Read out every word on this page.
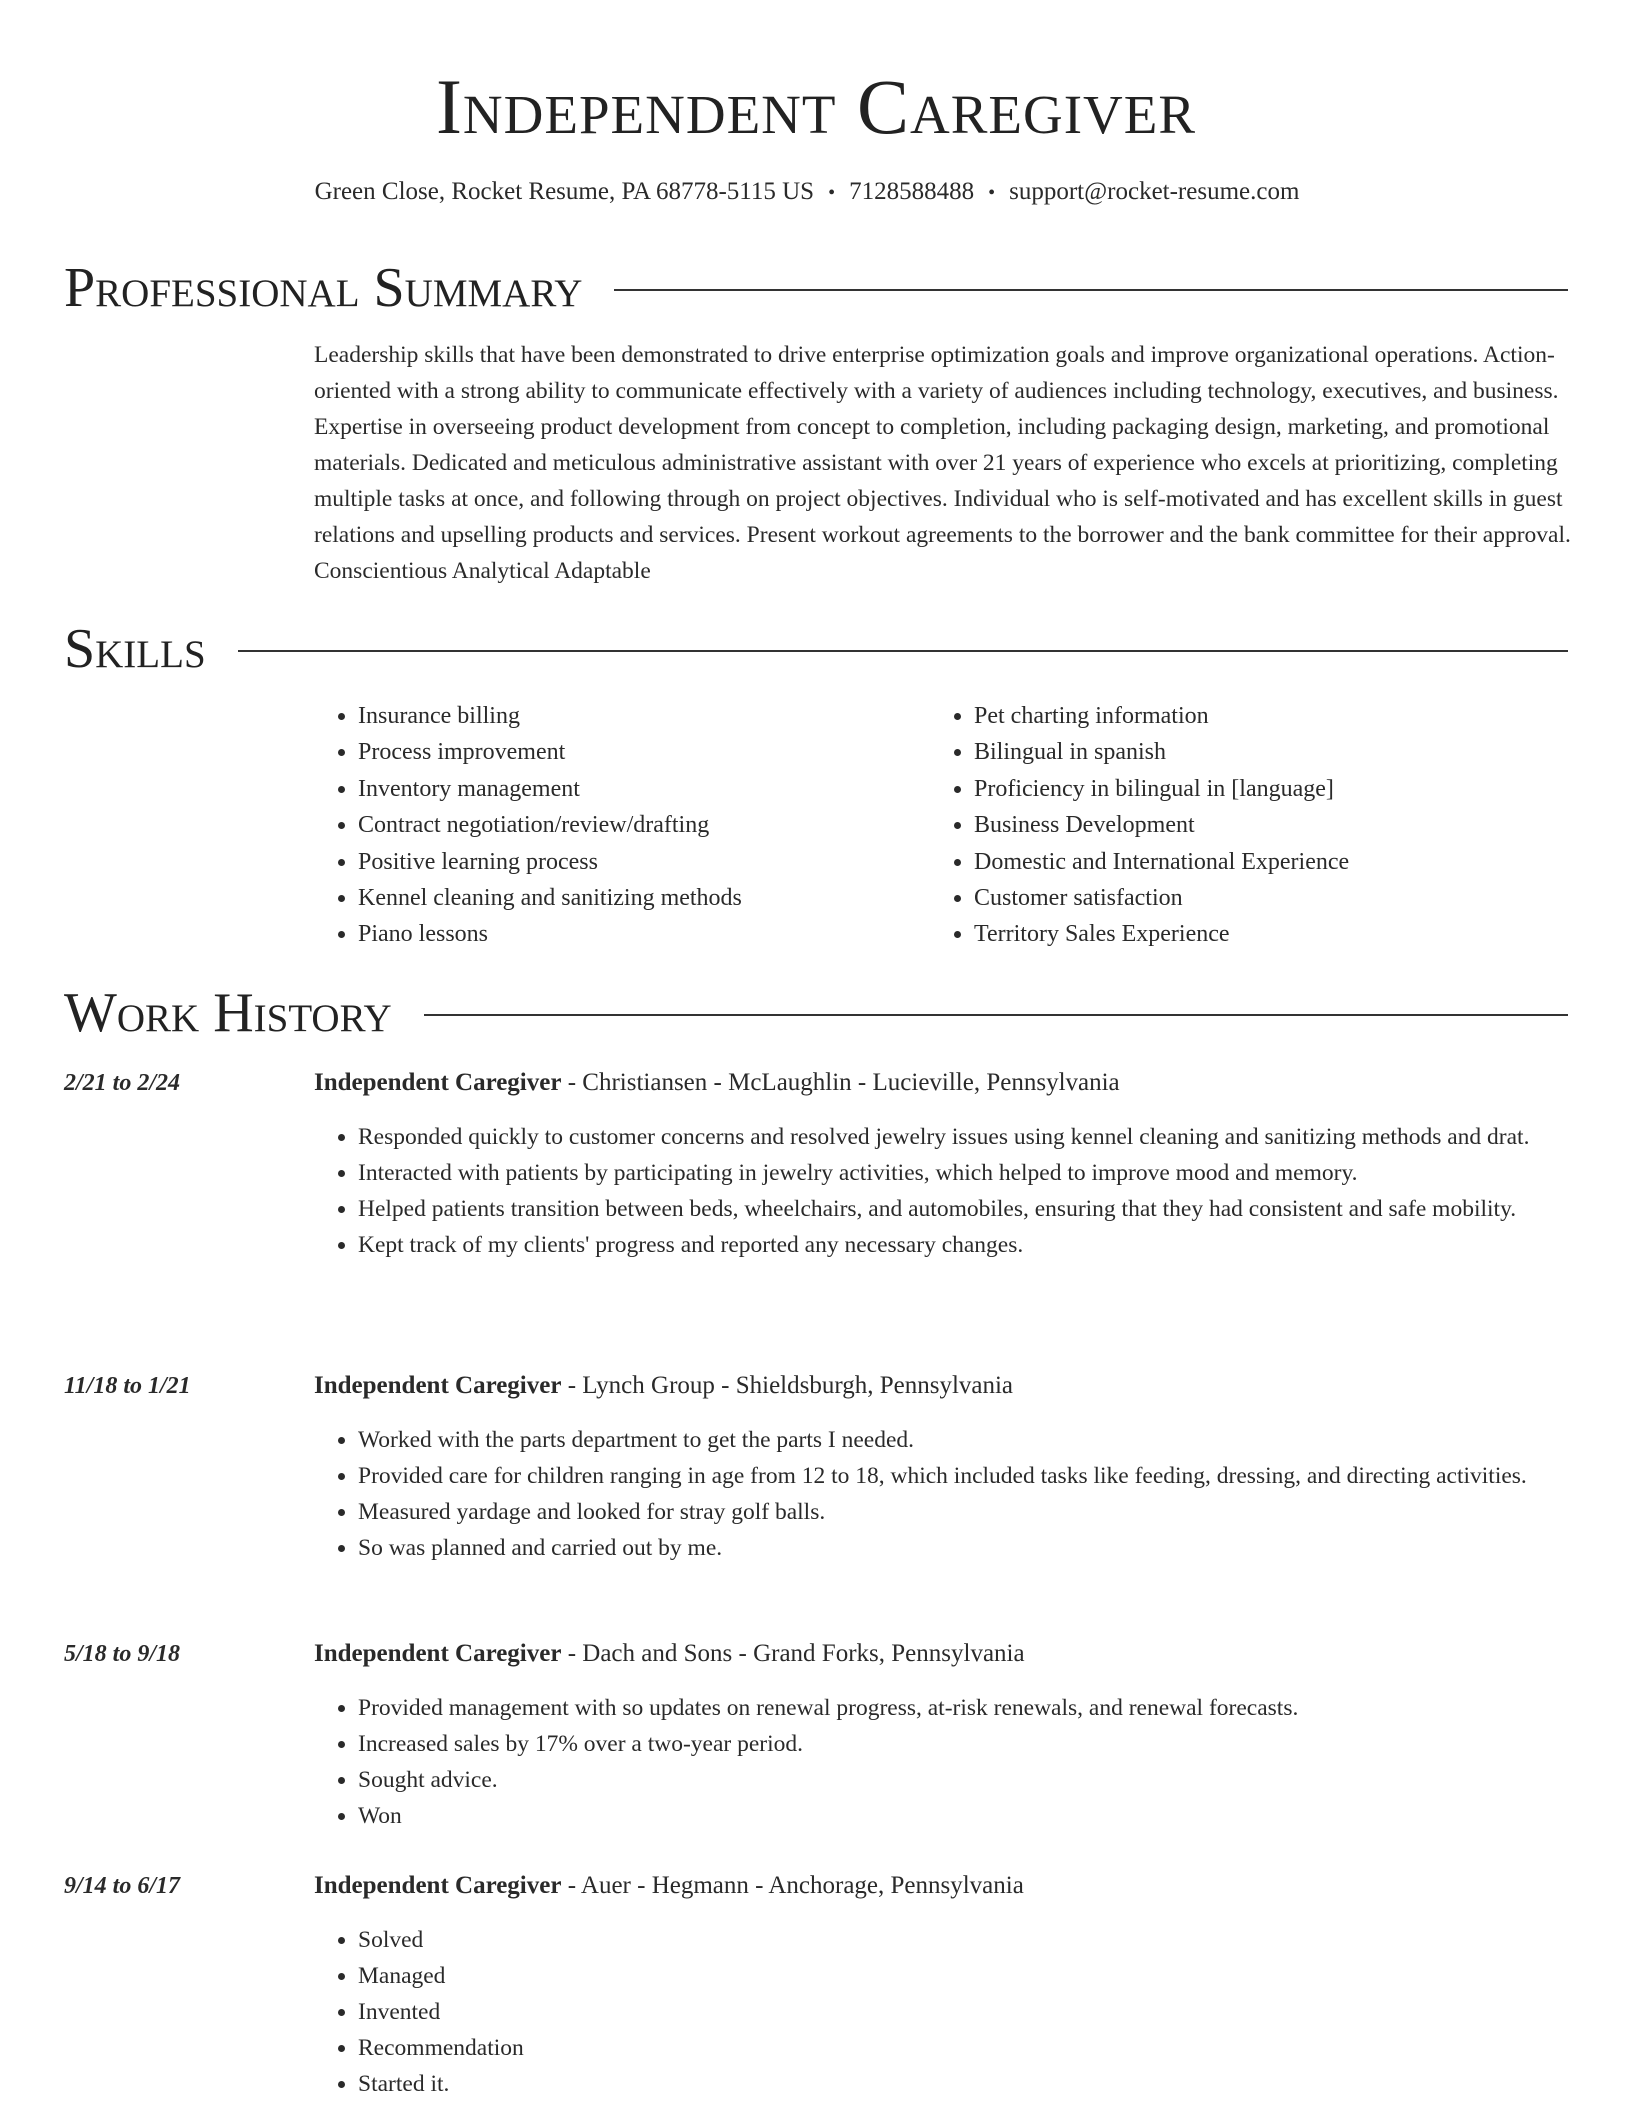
Independent Caregiver
Green Close, Rocket Resume, PA 68778-5115 US • 7128588488 • support@rocket-resume.com
Professional Summary
Leadership skills that have been demonstrated to drive enterprise optimization goals and improve organizational operations. Action-oriented with a strong ability to communicate effectively with a variety of audiences including technology, executives, and business. Expertise in overseeing product development from concept to completion, including packaging design, marketing, and promotional materials. Dedicated and meticulous administrative assistant with over 21 years of experience who excels at prioritizing, completing multiple tasks at once, and following through on project objectives. Individual who is self-motivated and has excellent skills in guest relations and upselling products and services. Present workout agreements to the borrower and the bank committee for their approval. Conscientious Analytical Adaptable
Skills
• Insurance billing
• Process improvement
• Inventory management
• Contract negotiation/review/drafting
• Positive learning process
• Kennel cleaning and sanitizing methods
• Piano lessons
• Pet charting information
• Bilingual in spanish
• Proficiency in bilingual in [language]
• Business Development
• Domestic and International Experience
• Customer satisfaction
• Territory Sales Experience
Work History
2/21 to 2/24	Independent Caregiver - Christiansen - McLaughlin - Lucieville, Pennsylvania
• Responded quickly to customer concerns and resolved jewelry issues using kennel cleaning and sanitizing methods and drat.
• Interacted with patients by participating in jewelry activities, which helped to improve mood and memory.
• Helped patients transition between beds, wheelchairs, and automobiles, ensuring that they had consistent and safe mobility.
• Kept track of my clients' progress and reported any necessary changes.
11/18 to 1/21	Independent Caregiver - Lynch Group - Shieldsburgh, Pennsylvania
• Worked with the parts department to get the parts I needed.
• Provided care for children ranging in age from 12 to 18, which included tasks like feeding, dressing, and directing activities.
• Measured yardage and looked for stray golf balls.
• So was planned and carried out by me.
5/18 to 9/18	Independent Caregiver - Dach and Sons - Grand Forks, Pennsylvania
• Provided management with so updates on renewal progress, at-risk renewals, and renewal forecasts.
• Increased sales by 17% over a two-year period.
• Sought advice.
• Won
9/14 to 6/17	Independent Caregiver - Auer - Hegmann - Anchorage, Pennsylvania
• Solved
• Managed
• Invented
• Recommendation
• Started it.
